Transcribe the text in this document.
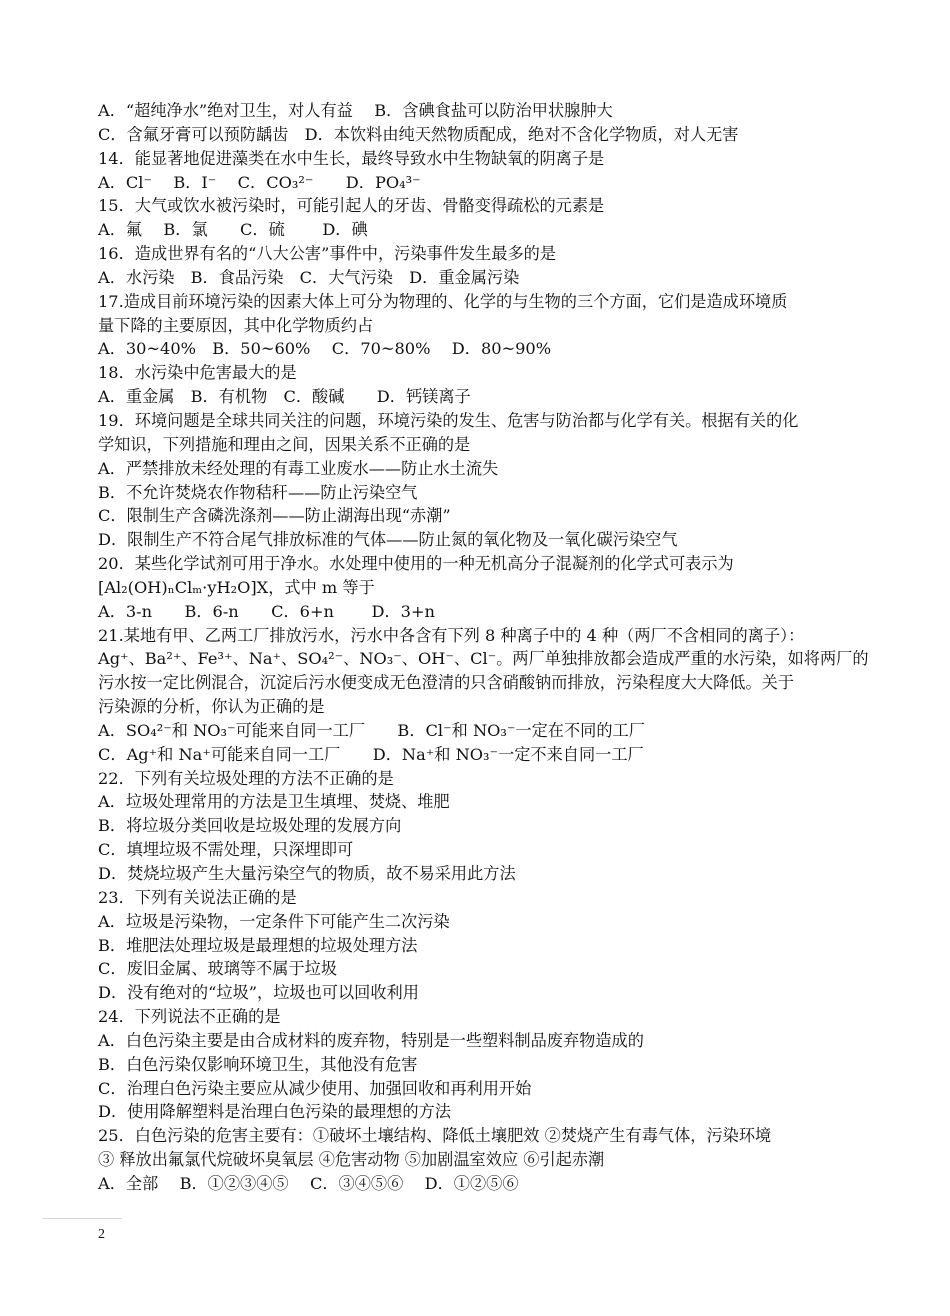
A．“超纯净水”绝对卫生，对人有益　 B．含碘食盐可以防治甲状腺肿大
C．含氟牙膏可以预防龋齿　D．本饮料由纯天然物质配成，绝对不含化学物质，对人无害
14．能显著地促进藻类在水中生长，最终导致水中生物缺氧的阴离子是
A．Cl⁻　 B．I⁻　 C．CO₃²⁻　　D．PO₄³⁻
15．大气或饮水被污染时，可能引起人的牙齿、骨骼变得疏松的元素是
A．氟　 B．氯　　C．硫　　 D．碘
16．造成世界有名的“八大公害”事件中，污染事件发生最多的是
A．水污染　B．食品污染　C．大气污染　D．重金属污染
17.造成目前环境污染的因素大体上可分为物理的、化学的与生物的三个方面，它们是造成环境质
量下降的主要原因，其中化学物质约占
A．30~40%　B．50~60%　 C．70~80%　 D．80~90%
18．水污染中危害最大的是
A．重金属　B．有机物　C．酸碱　　D．钙镁离子
19．环境问题是全球共同关注的问题，环境污染的发生、危害与防治都与化学有关。根据有关的化
学知识，下列措施和理由之间，因果关系不正确的是
A．严禁排放未经处理的有毒工业废水——防止水土流失
B．不允许焚烧农作物秸秆——防止污染空气
C．限制生产含磷洗涤剂——防止湖海出现“赤潮”
D．限制生产不符合尾气排放标准的气体——防止氮的氧化物及一氧化碳污染空气
20．某些化学试剂可用于净水。水处理中使用的一种无机高分子混凝剂的化学式可表示为
[Al₂(OH)ₙClₘ·yH₂O]X，式中 m 等于
A．3-n　　B．6-n　　C．6+n　　 D．3+n
21.某地有甲、乙两工厂排放污水，污水中各含有下列 8 种离子中的 4 种（两厂不含相同的离子）：
Ag⁺、Ba²⁺、Fe³⁺、Na⁺、SO₄²⁻、NO₃⁻、OH⁻、Cl⁻。两厂单独排放都会造成严重的水污染，如将两厂的
污水按一定比例混合，沉淀后污水便变成无色澄清的只含硝酸钠而排放，污染程度大大降低。关于
污染源的分析，你认为正确的是
A．SO₄²⁻和 NO₃⁻可能来自同一工厂　　B．Cl⁻和 NO₃⁻一定在不同的工厂
C．Ag⁺和 Na⁺可能来自同一工厂　　D．Na⁺和 NO₃⁻一定不来自同一工厂
22．下列有关垃圾处理的方法不正确的是
A．垃圾处理常用的方法是卫生填埋、焚烧、堆肥
B．将垃圾分类回收是垃圾处理的发展方向
C．填埋垃圾不需处理，只深埋即可
D．焚烧垃圾产生大量污染空气的物质，故不易采用此方法
23．下列有关说法正确的是
A．垃圾是污染物，一定条件下可能产生二次污染
B．堆肥法处理垃圾是最理想的垃圾处理方法
C．废旧金属、玻璃等不属于垃圾
D．没有绝对的“垃圾”，垃圾也可以回收利用
24．下列说法不正确的是
A．白色污染主要是由合成材料的废弃物，特别是一些塑料制品废弃物造成的
B．白色污染仅影响环境卫生，其他没有危害
C．治理白色污染主要应从减少使用、加强回收和再利用开始
D．使用降解塑料是治理白色污染的最理想的方法
25．白色污染的危害主要有：①破坏土壤结构、降低土壤肥效 ②焚烧产生有毒气体，污染环境
③ 释放出氟氯代烷破坏臭氧层 ④危害动物 ⑤加剧温室效应 ⑥引起赤潮
A．全部　 B．①②③④⑤　 C．③④⑤⑥　 D．①②⑤⑥
2
